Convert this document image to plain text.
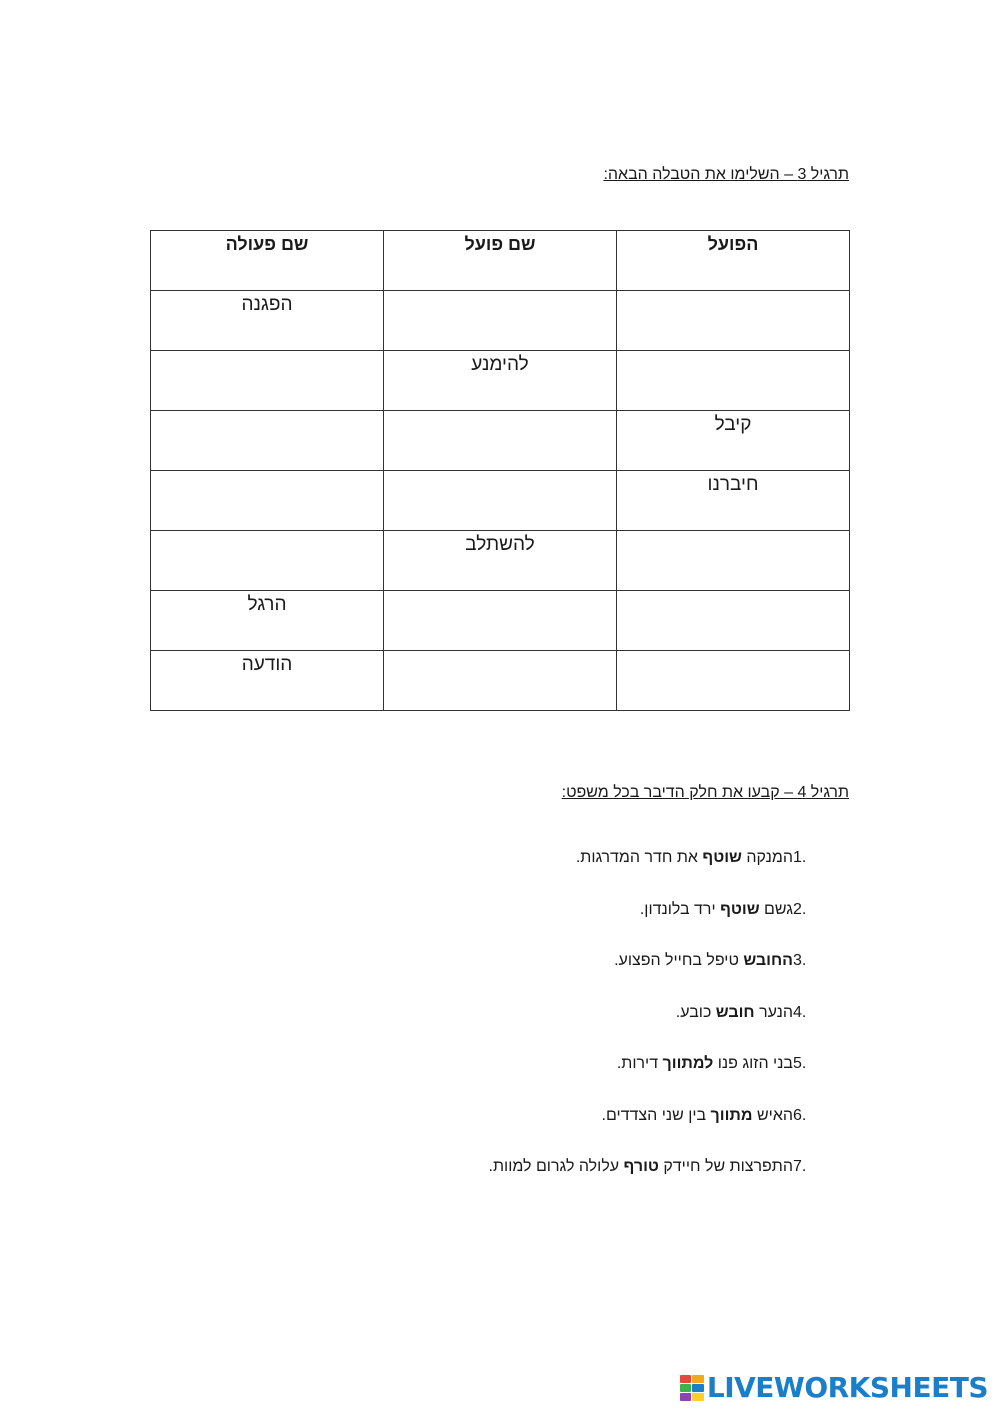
תרגיל 3 – השלימו את הטבלה הבאה:
שם פעולה	שם פועל	הפועל

הפגנה		

	להימנע	

		קיבל

		חיברנו

	להשתלב	

הרגל		

הודעה		

תרגיל 4 – קבעו את חלק הדיבר בכל משפט:
1.המנקה שוטף את חדר המדרגות.
2.גשם שוטף ירד בלונדון.
3.החובש טיפל בחייל הפצוע.
4.הנער חובש כובע.
5.בני הזוג פנו למתווך דירות.
6.האיש מתווך בין שני הצדדים.
7.התפרצות של חיידק טורף עלולה לגרום למוות.
LIVEWORKSHEETS
